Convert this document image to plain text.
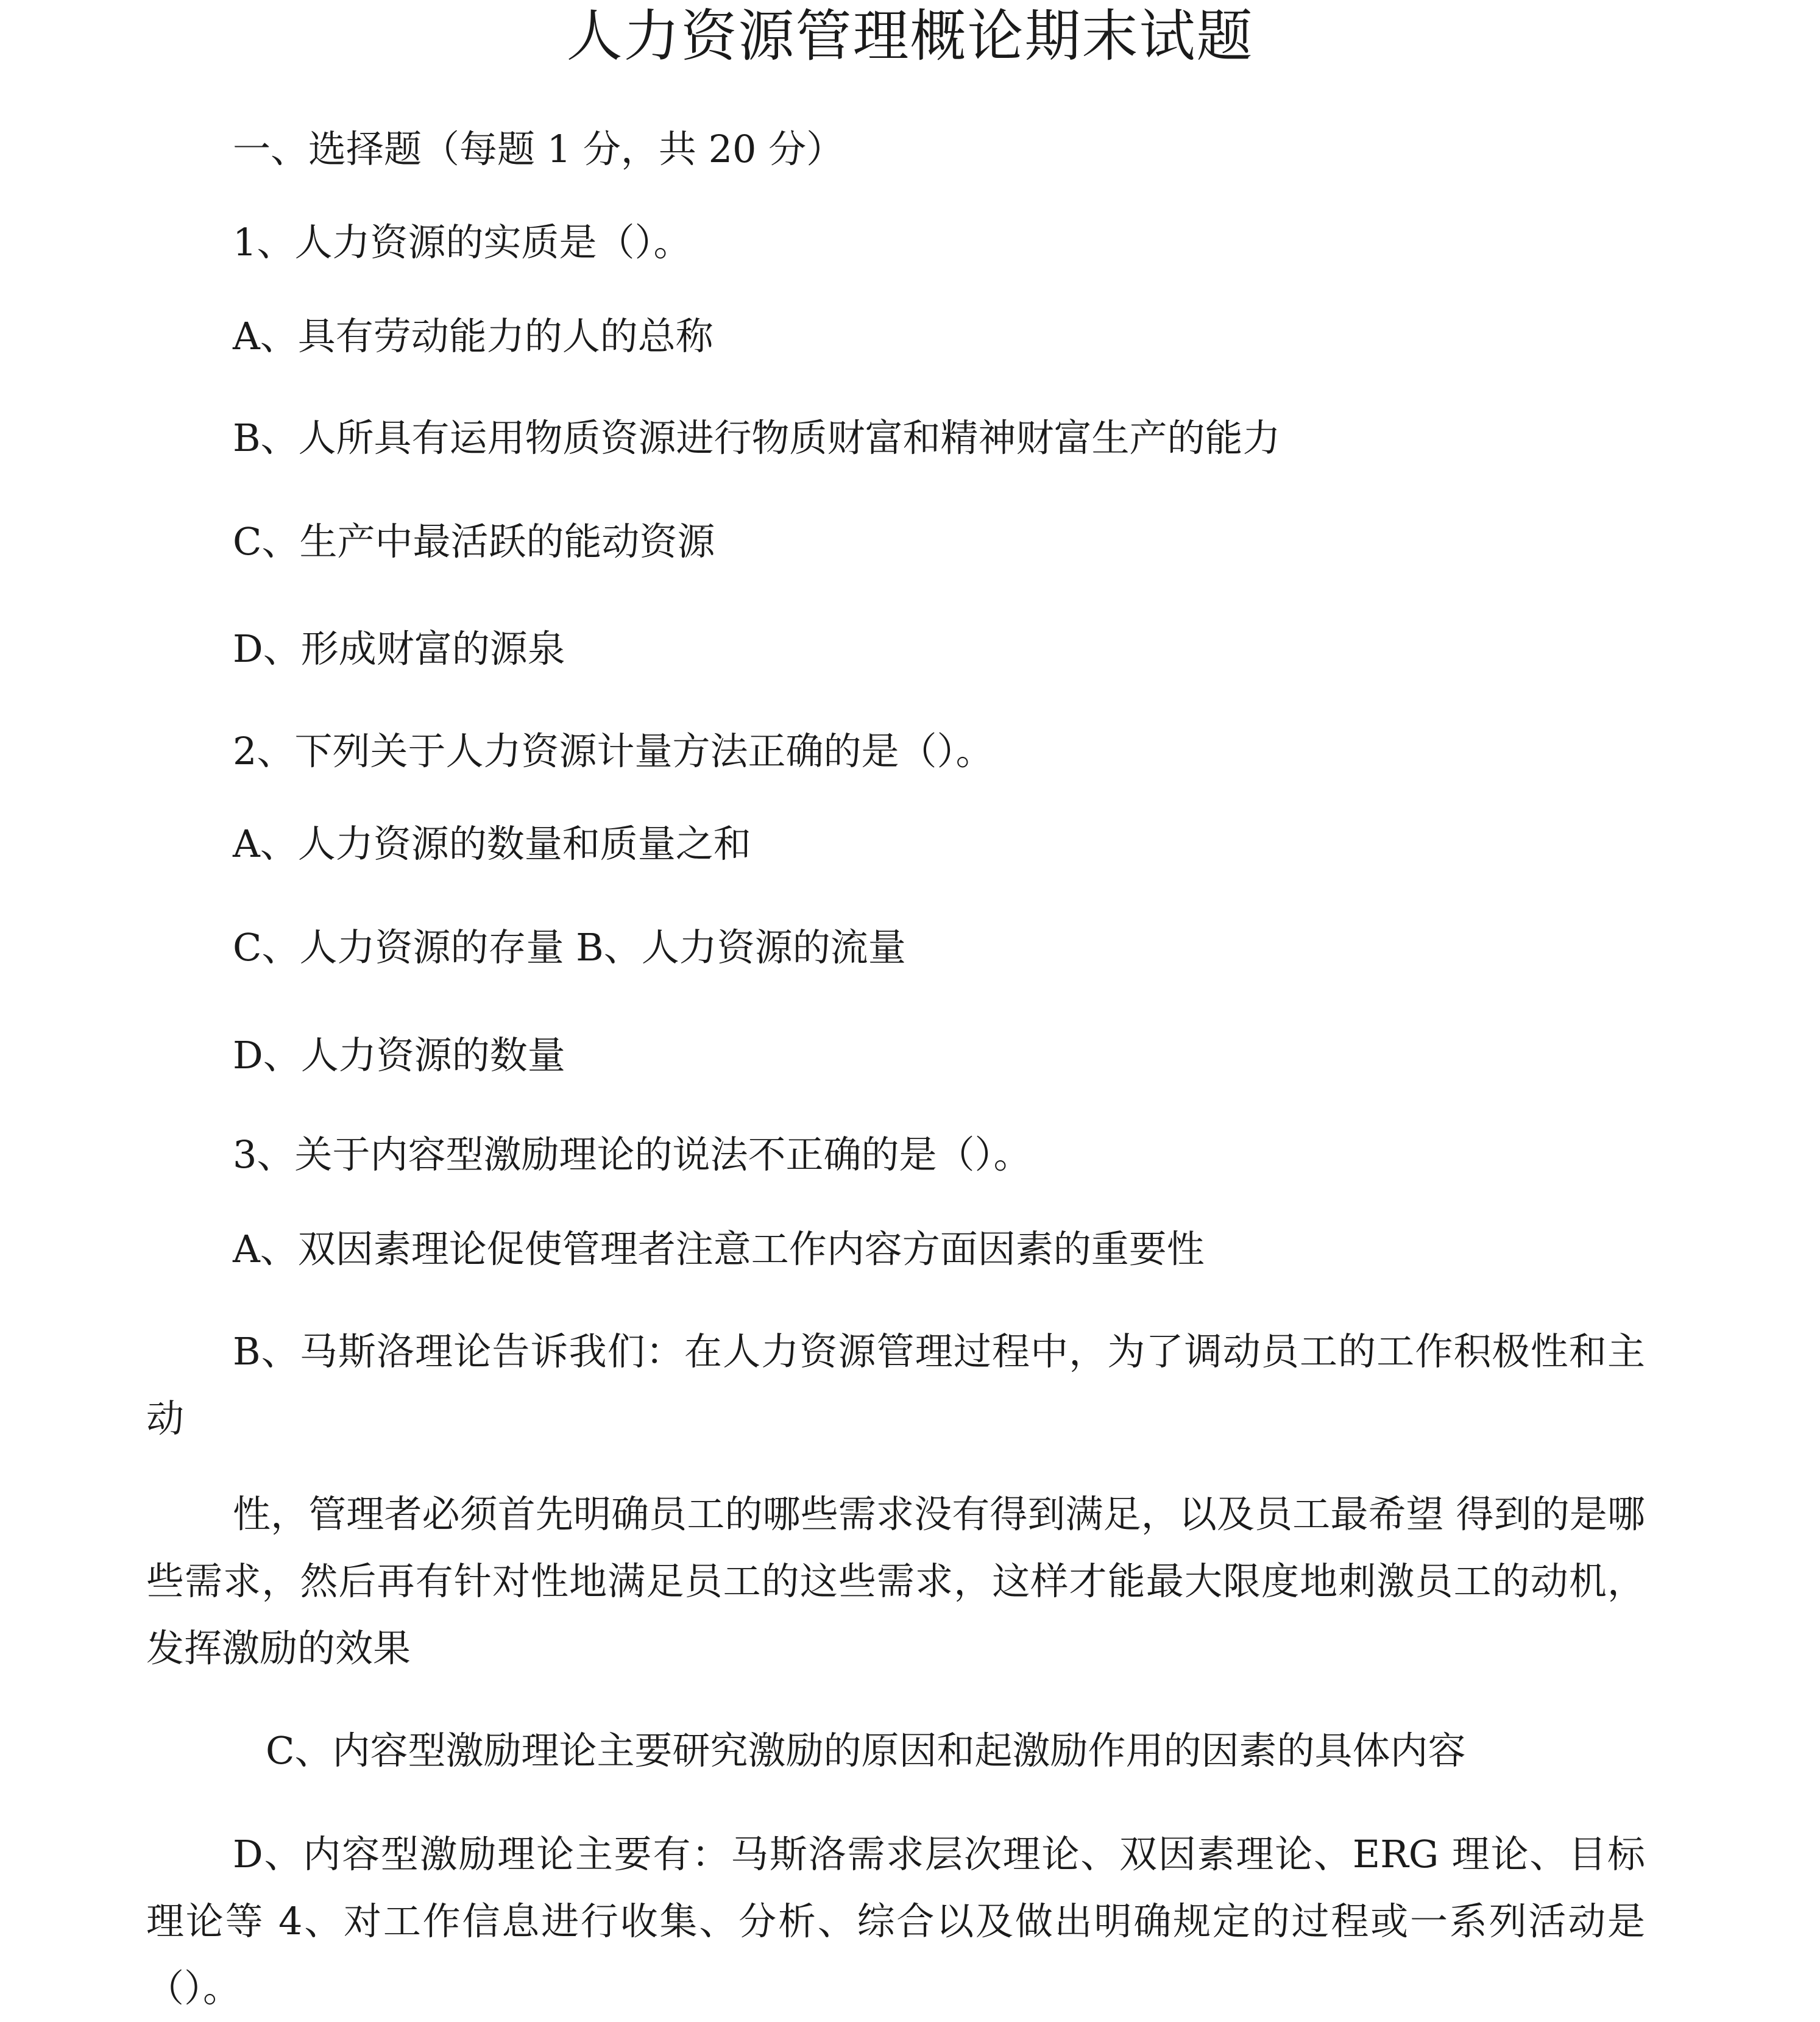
人力资源管理概论期末试题

一、选择题（每题 1 分，共 20 分）

1、人力资源的实质是（）。

A、具有劳动能力的人的总称

B、人所具有运用物质资源进行物质财富和精神财富生产的能力

C、生产中最活跃的能动资源

D、形成财富的源泉

2、下列关于人力资源计量方法正确的是（）。

A、人力资源的数量和质量之和

C、人力资源的存量 B、人力资源的流量

D、人力资源的数量

3、关于内容型激励理论的说法不正确的是（）。

A、双因素理论促使管理者注意工作内容方面因素的重要性

B、马斯洛理论告诉我们：在人力资源管理过程中，为了调动员工的工作积极性和主动

性，管理者必须首先明确员工的哪些需求没有得到满足，以及员工最希望 得到的是哪些需求，然后再有针对性地满足员工的这些需求，这样才能最大限度地刺激员工的动机，发挥激励的效果

C、内容型激励理论主要研究激励的原因和起激励作用的因素的具体内容

D、内容型激励理论主要有：马斯洛需求层次理论、双因素理论、ERG 理论、目标理论等 4、对工作信息进行收集、分析、综合以及做出明确规定的过程或一系列活动是（）。
